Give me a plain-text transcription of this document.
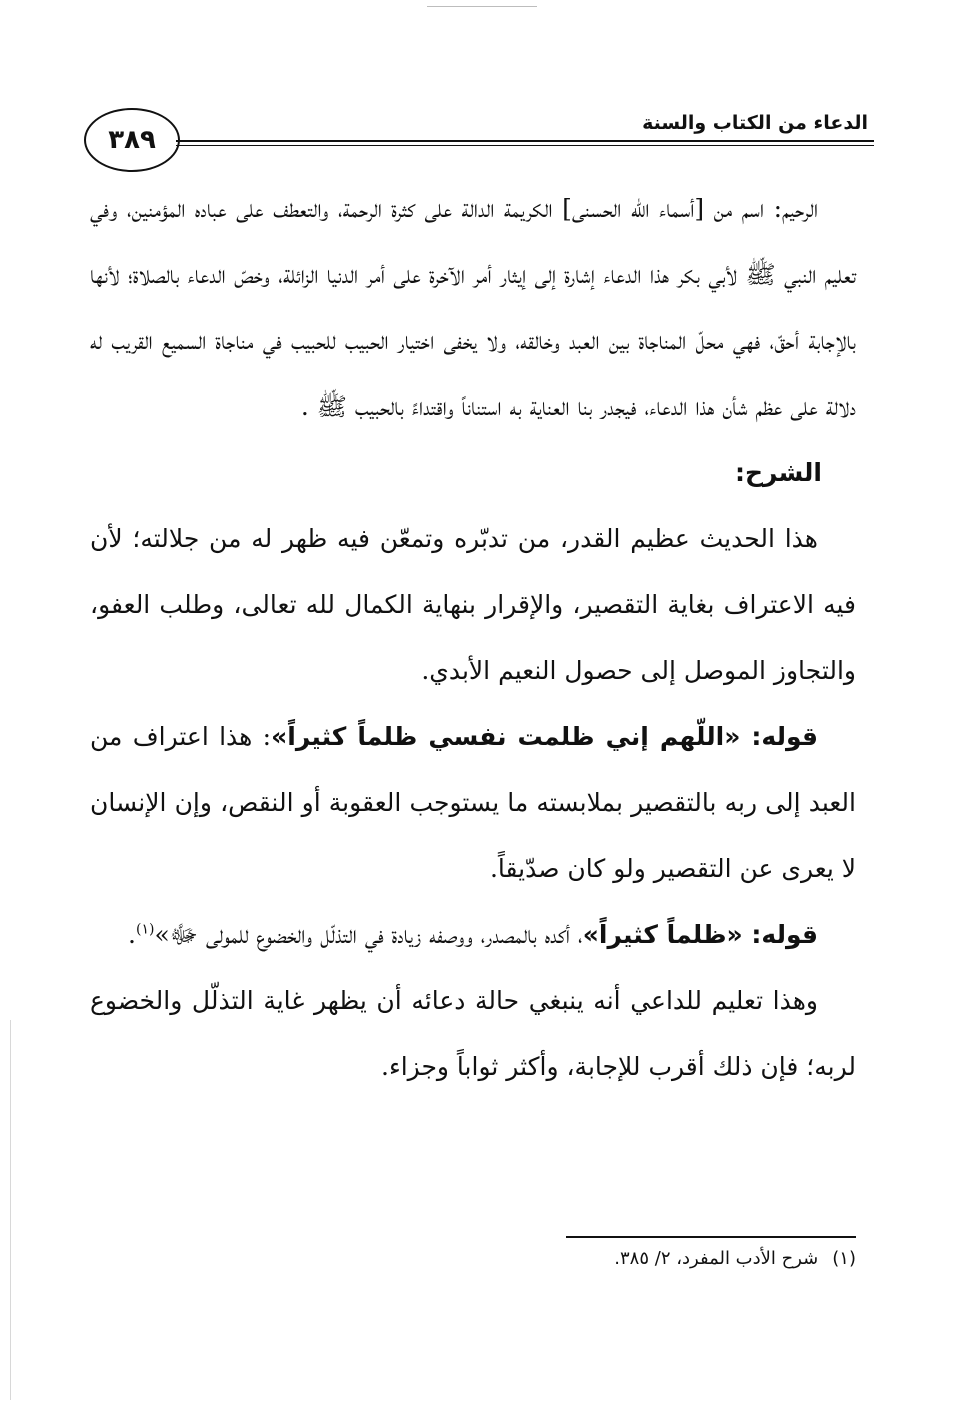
الدعاء من الكتاب والسنة
٣٨٩

الرحيم: اسم من [أسماء الله الحسنى] الكريمة الدالة على كثرة الرحمة، والتعطف على عباده المؤمنين، وفي تعليم النبي ﷺ لأبي بكر هذا الدعاء إشارة إلى إيثار أمر الآخرة على أمر الدنيا الزائلة، وخصّ الدعاء بالصلاة؛ لأنها بالإجابة أحقّ، فهي محلّ المناجاة بين العبد وخالقه، ولا يخفى اختيار الحبيب للحبيب في مناجاة السميع القريب له دلالة على عظم شأن هذا الدعاء، فيجدر بنا العناية به استناناً واقتداءً بالحبيب ﷺ .

الشرح:

هذا الحديث عظيم القدر، من تدبّره وتمعّن فيه ظهر له من جلالته؛ لأن فيه الاعتراف بغاية التقصير، والإقرار بنهاية الكمال لله تعالى، وطلب العفو، والتجاوز الموصل إلى حصول النعيم الأبدي.

قوله: «اللّهم إني ظلمت نفسي ظلماً كثيراً»: هذا اعتراف من العبد إلى ربه بالتقصير بملابسته ما يستوجب العقوبة أو النقص، وإن الإنسان لا يعرى عن التقصير ولو كان صدّيقاً.

قوله: «ظلماً كثيراً»، أكده بالمصدر، ووصفه زيادة في التذلّل والخضوع للمولى ﷻ»$^{(١)}$.

وهذا تعليم للداعي أنه ينبغي حالة دعائه أن يظهر غاية التذلّل والخضوع لربه؛ فإن ذلك أقرب للإجابة، وأكثر ثواباً وجزاء.

(١)شرح الأدب المفرد، ٢/ ٣٨٥.
